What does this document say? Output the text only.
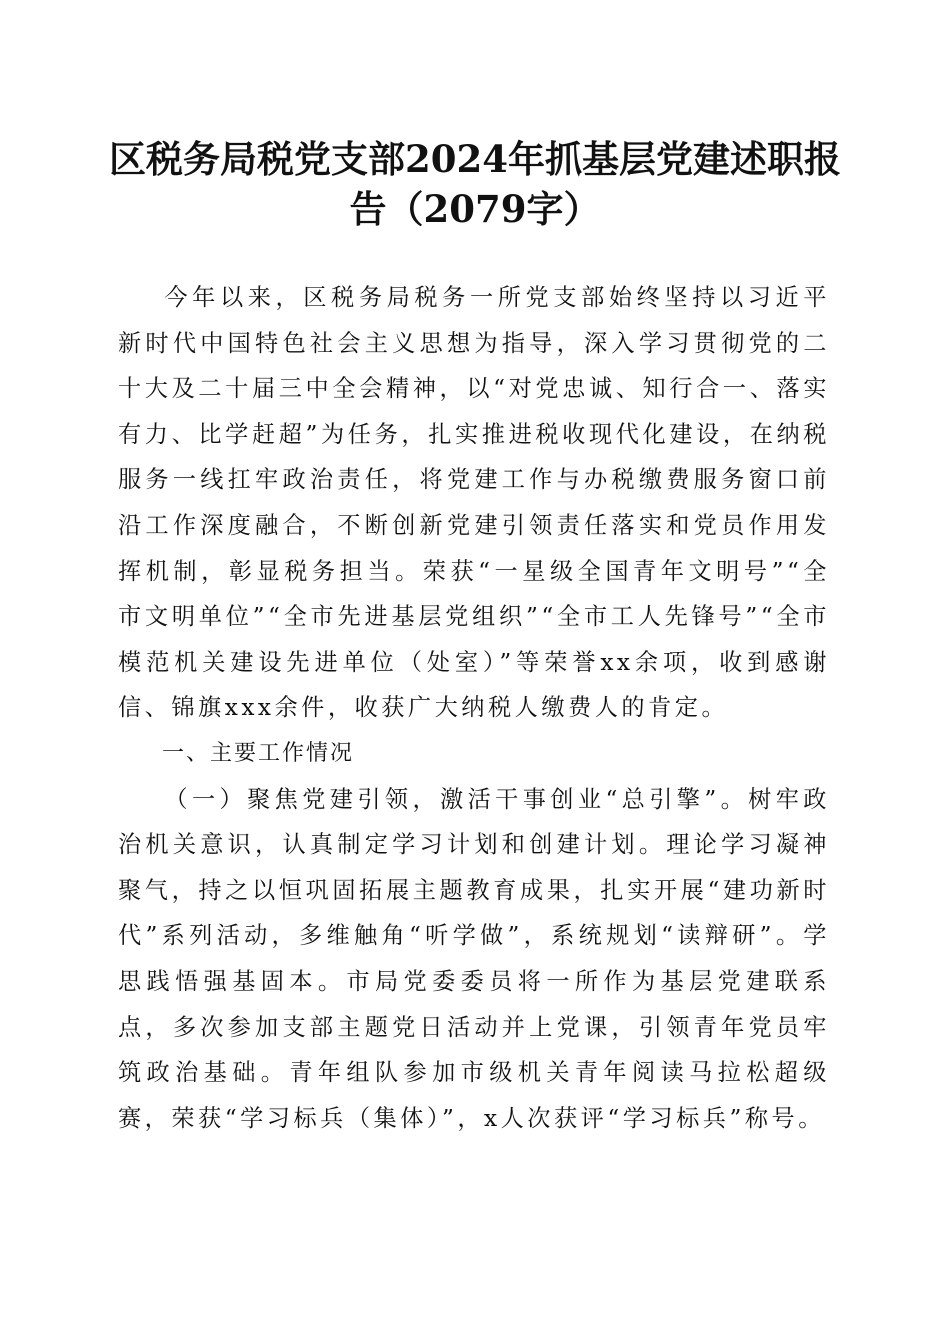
区税务局税党支部2024年抓基层党建述职报
告（2079字）

今年以来，区税务局税务一所党支部始终坚持以习近平新时代中国特色社会主义思想为指导，深入学习贯彻党的二十大及二十届三中全会精神，以“对党忠诚、知行合一、落实有力、比学赶超”为任务，扎实推进税收现代化建设，在纳税服务一线扛牢政治责任，将党建工作与办税缴费服务窗口前沿工作深度融合，不断创新党建引领责任落实和党员作用发挥机制，彰显税务担当。荣获“一星级全国青年文明号”“全市文明单位”“全市先进基层党组织”“全市工人先锋号”“全市模范机关建设先进单位（处室）”等荣誉xx余项，收到感谢信、锦旗xxx余件，收获广大纳税人缴费人的肯定。

一、主要工作情况

（一）聚焦党建引领，激活干事创业“总引擎”。树牢政治机关意识，认真制定学习计划和创建计划。理论学习凝神聚气，持之以恒巩固拓展主题教育成果，扎实开展“建功新时代”系列活动，多维触角“听学做”，系统规划“读辩研”。学思践悟强基固本。市局党委委员将一所作为基层党建联系点，多次参加支部主题党日活动并上党课，引领青年党员牢筑政治基础。青年组队参加市级机关青年阅读马拉松超级赛，荣获“学习标兵（集体）”，x人次获评“学习标兵”称号。
